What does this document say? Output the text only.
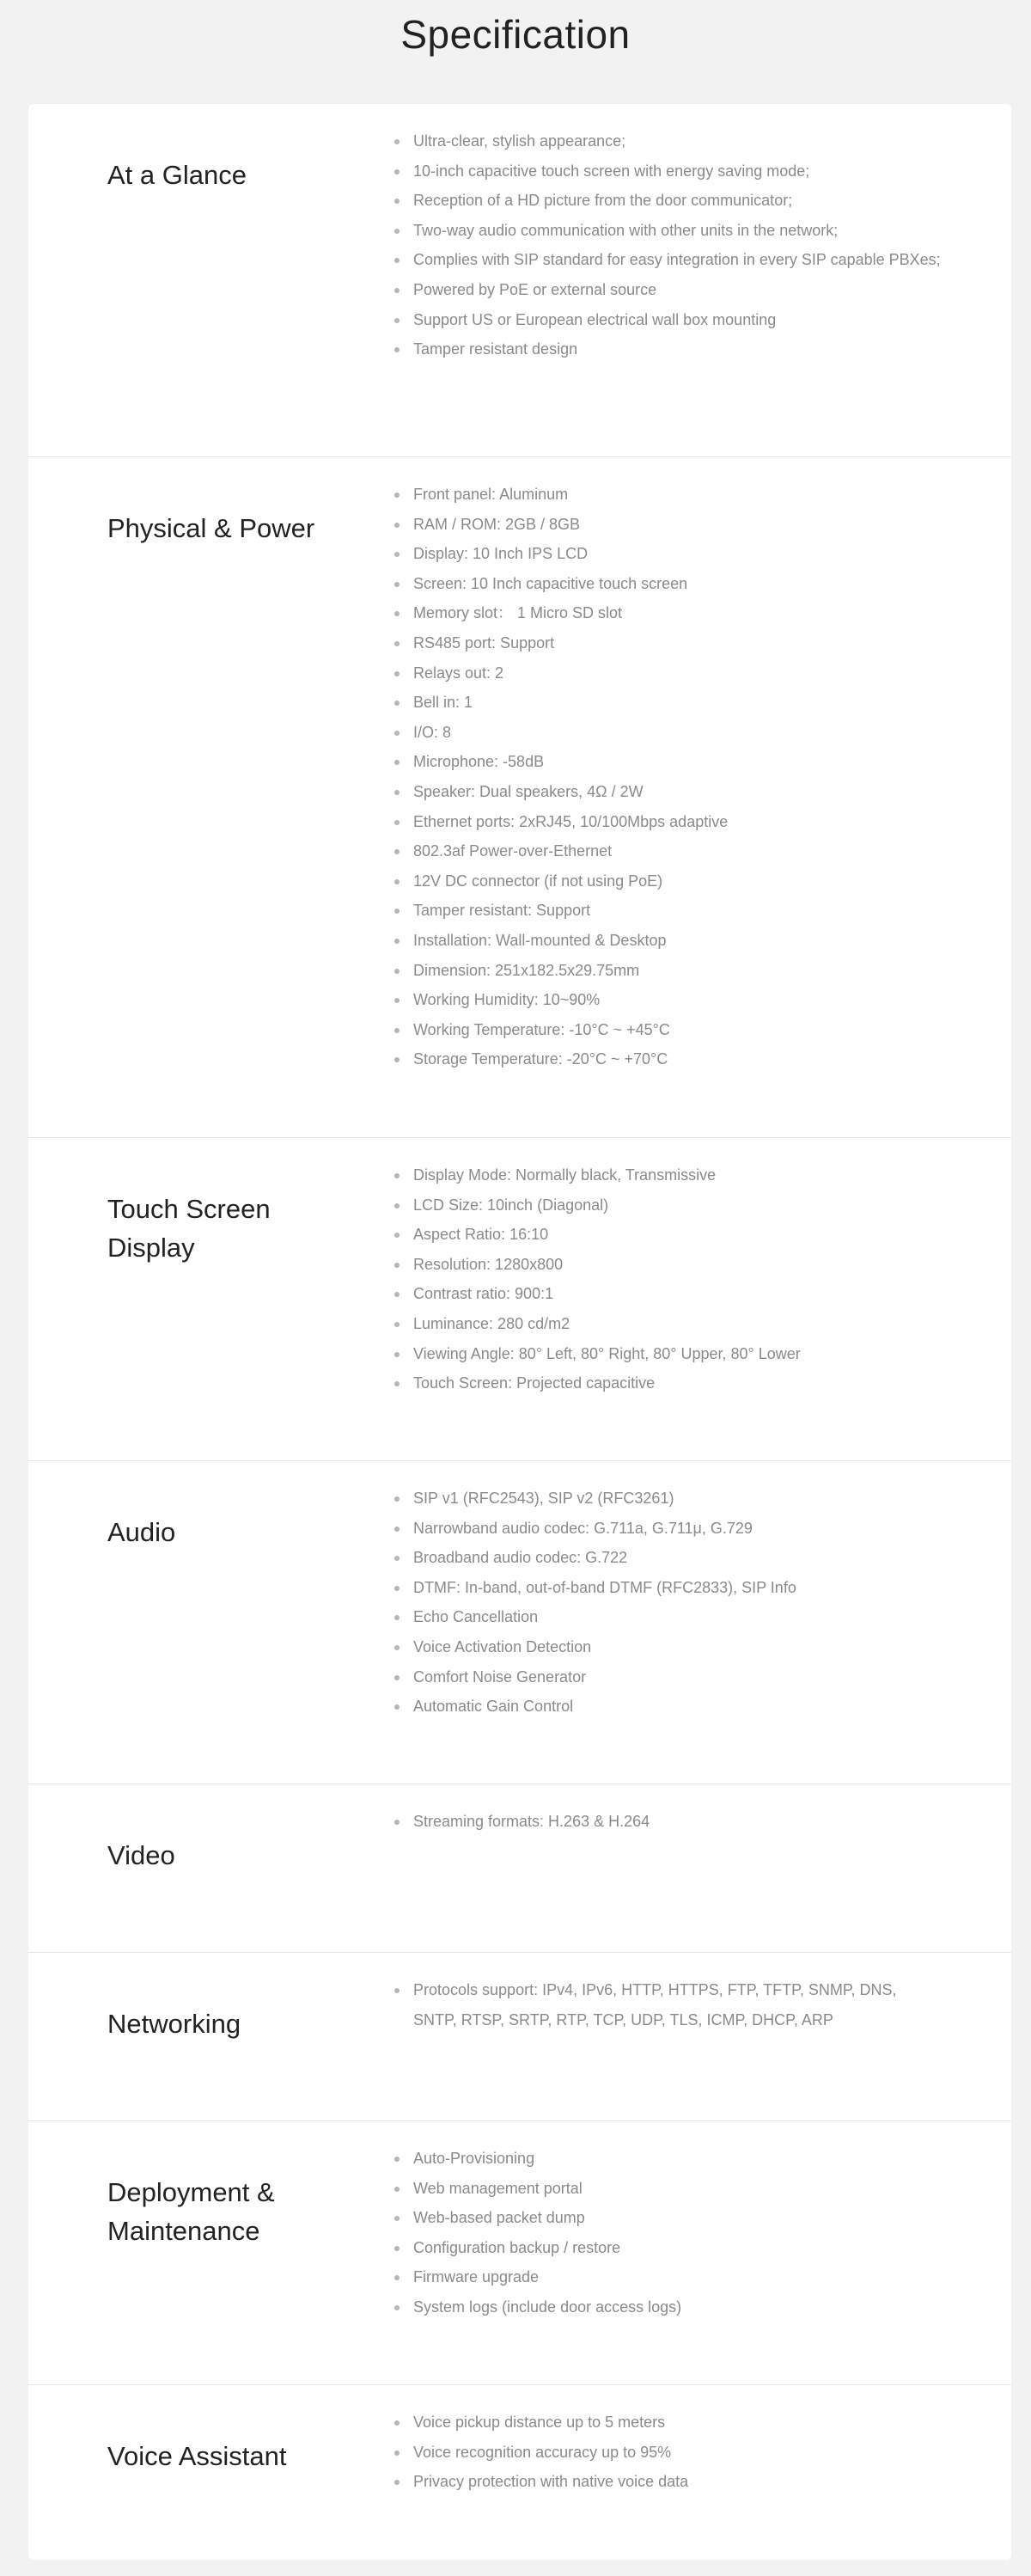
Specification
At a Glance
Ultra-clear, stylish appearance;
10-inch capacitive touch screen with energy saving mode;
Reception of a HD picture from the door communicator;
Two-way audio communication with other units in the network;
Complies with SIP standard for easy integration in every SIP capable PBXes;
Powered by PoE or external source
Support US or European electrical wall box mounting
Tamper resistant design
Physical & Power
Front panel: Aluminum
RAM / ROM: 2GB / 8GB
Display: 10 Inch IPS LCD
Screen: 10 Inch capacitive touch screen
Memory slot： 1 Micro SD slot
RS485 port: Support
Relays out: 2
Bell in: 1
I/O: 8
Microphone: -58dB
Speaker: Dual speakers, 4Ω / 2W
Ethernet ports: 2xRJ45, 10/100Mbps adaptive
802.3af Power-over-Ethernet
12V DC connector (if not using PoE)
Tamper resistant: Support
Installation: Wall-mounted & Desktop
Dimension: 251x182.5x29.75mm
Working Humidity: 10~90%
Working Temperature: -10°C ~ +45°C
Storage Temperature: -20°C ~ +70°C
Touch Screen Display
Display Mode: Normally black, Transmissive
LCD Size: 10inch (Diagonal)
Aspect Ratio: 16:10
Resolution: 1280x800
Contrast ratio: 900:1
Luminance: 280 cd/m2
Viewing Angle: 80° Left, 80° Right, 80° Upper, 80° Lower
Touch Screen: Projected capacitive
Audio
SIP v1 (RFC2543), SIP v2 (RFC3261)
Narrowband audio codec: G.711a, G.711μ, G.729
Broadband audio codec: G.722
DTMF: In-band, out-of-band DTMF (RFC2833), SIP Info
Echo Cancellation
Voice Activation Detection
Comfort Noise Generator
Automatic Gain Control
Video
Streaming formats: H.263 & H.264
Networking
Protocols support: IPv4, IPv6, HTTP, HTTPS, FTP, TFTP, SNMP, DNS, SNTP, RTSP, SRTP, RTP, TCP, UDP, TLS, ICMP, DHCP, ARP
Deployment & Maintenance
Auto-Provisioning
Web management portal
Web-based packet dump
Configuration backup / restore
Firmware upgrade
System logs (include door access logs)
Voice Assistant
Voice pickup distance up to 5 meters
Voice recognition accuracy up to 95%
Privacy protection with native voice data
